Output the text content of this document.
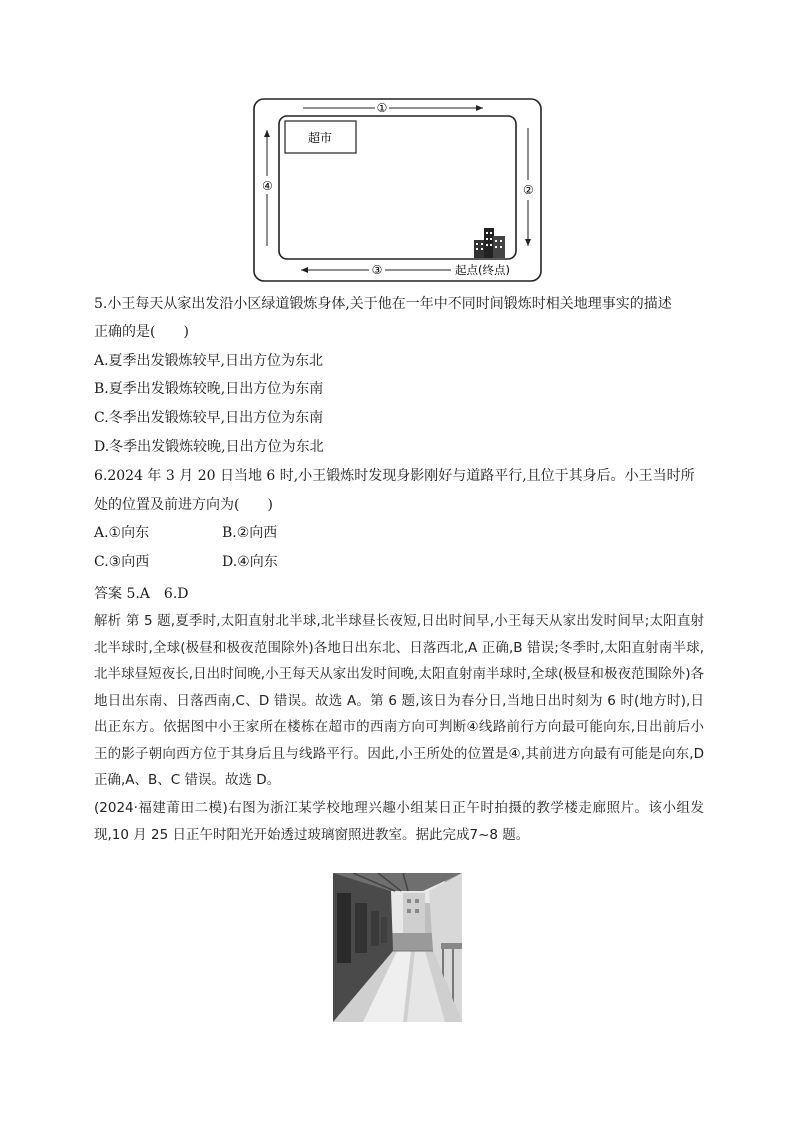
超市
①
②
③
④
起点(终点)
5.小王每天从家出发沿小区绿道锻炼身体,关于他在一年中不同时间锻炼时相关地理事实的描述
正确的是(　　)
A.夏季出发锻炼较早,日出方位为东北
B.夏季出发锻炼较晚,日出方位为东南
C.冬季出发锻炼较早,日出方位为东南
D.冬季出发锻炼较晚,日出方位为东北
6.2024 年 3 月 20 日当地 6 时,小王锻炼时发现身影刚好与道路平行,且位于其身后。小王当时所
处的位置及前进方向为(　　)
A.①向东	B.②向西
C.③向西	D.④向东
答案 5.A　6.D
解析 第 5 题,夏季时,太阳直射北半球,北半球昼长夜短,日出时间早,小王每天从家出发时间早;太阳直射北半球时,全球(极昼和极夜范围除外)各地日出东北、日落西北,A 正确,B 错误;冬季时,太阳直射南半球,北半球昼短夜长,日出时间晚,小王每天从家出发时间晚,太阳直射南半球时,全球(极昼和极夜范围除外)各地日出东南、日落西南,C、D 错误。故选 A。第 6 题,该日为春分日,当地日出时刻为 6 时(地方时),日出正东方。依据图中小王家所在楼栋在超市的西南方向可判断④线路前行方向最可能向东,日出前后小王的影子朝向西方位于其身后且与线路平行。因此,小王所处的位置是④,其前进方向最有可能是向东,D 正确,A、B、C 错误。故选 D。
(2024·福建莆田二模)右图为浙江某学校地理兴趣小组某日正午时拍摄的教学楼走廊照片。该小组发现,10 月 25 日正午时阳光开始透过玻璃窗照进教室。据此完成7~8 题。
